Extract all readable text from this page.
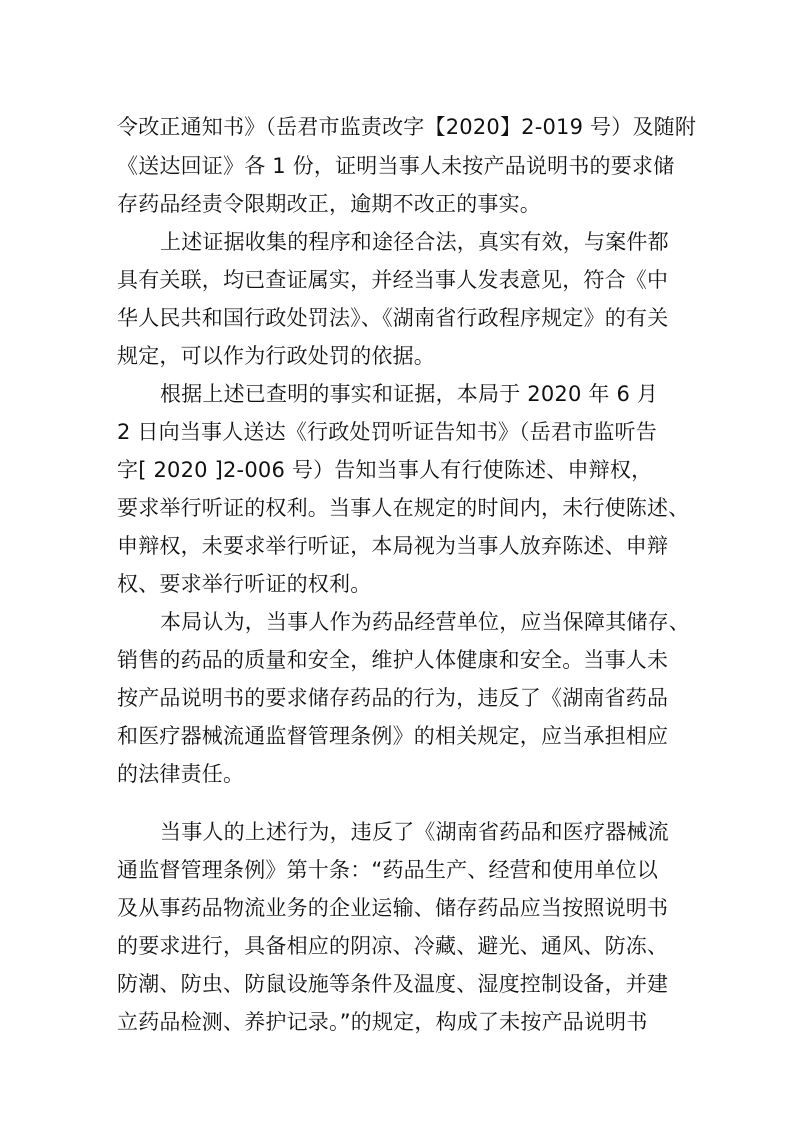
令改正通知书》（岳君市监责改字【2020】2-019 号）及随附
《送达回证》各 1 份，证明当事人未按产品说明书的要求储
存药品经责令限期改正，逾期不改正的事实。
上述证据收集的程序和途径合法，真实有效，与案件都
具有关联，均已查证属实，并经当事人发表意见，符合《中
华人民共和国行政处罚法》、《湖南省行政程序规定》的有关
规定，可以作为行政处罚的依据。
根据上述已查明的事实和证据，本局于 2020 年 6 月
2 日向当事人送达《行政处罚听证告知书》（岳君市监听告
字[ 2020 ]2-006 号）告知当事人有行使陈述、申辩权，
要求举行听证的权利。当事人在规定的时间内，未行使陈述、
申辩权，未要求举行听证，本局视为当事人放弃陈述、申辩
权、要求举行听证的权利。
本局认为，当事人作为药品经营单位，应当保障其储存、
销售的药品的质量和安全，维护人体健康和安全。当事人未
按产品说明书的要求储存药品的行为，违反了《湖南省药品
和医疗器械流通监督管理条例》的相关规定，应当承担相应
的法律责任。
当事人的上述行为，违反了《湖南省药品和医疗器械流
通监督管理条例》第十条：“药品生产、经营和使用单位以
及从事药品物流业务的企业运输、储存药品应当按照说明书
的要求进行，具备相应的阴凉、冷藏、避光、通风、防冻、
防潮、防虫、防鼠设施等条件及温度、湿度控制设备，并建
立药品检测、养护记录。”的规定，构成了未按产品说明书
